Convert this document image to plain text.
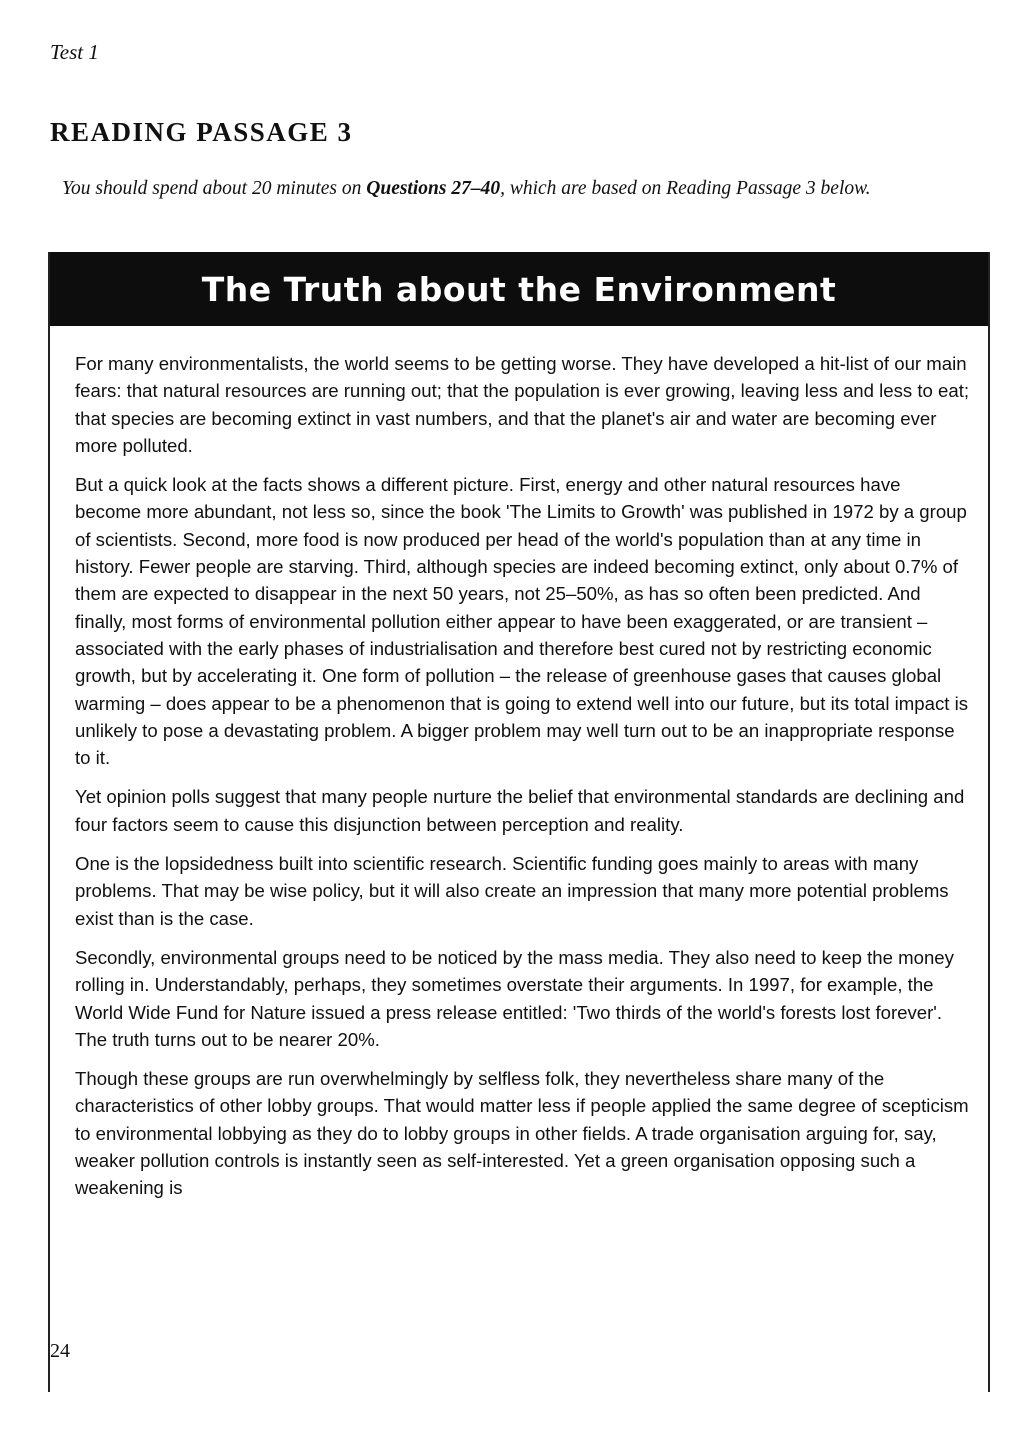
Test 1
READING PASSAGE 3

You should spend about 20 minutes on Questions 27–40, which are based on Reading Passage 3 below.

The Truth about the Environment

For many environmentalists, the world seems to be getting worse. They have developed a hit-list of our main fears: that natural resources are running out; that the population is ever growing, leaving less and less to eat; that species are becoming extinct in vast numbers, and that the planet's air and water are becoming ever more polluted.

But a quick look at the facts shows a different picture. First, energy and other natural resources have become more abundant, not less so, since the book 'The Limits to Growth' was published in 1972 by a group of scientists. Second, more food is now produced per head of the world's population than at any time in history. Fewer people are starving. Third, although species are indeed becoming extinct, only about 0.7% of them are expected to disappear in the next 50 years, not 25–50%, as has so often been predicted. And finally, most forms of environmental pollution either appear to have been exaggerated, or are transient – associated with the early phases of industrialisation and therefore best cured not by restricting economic growth, but by accelerating it. One form of pollution – the release of greenhouse gases that causes global warming – does appear to be a phenomenon that is going to extend well into our future, but its total impact is unlikely to pose a devastating problem. A bigger problem may well turn out to be an inappropriate response to it.

Yet opinion polls suggest that many people nurture the belief that environmental standards are declining and four factors seem to cause this disjunction between perception and reality.

One is the lopsidedness built into scientific research. Scientific funding goes mainly to areas with many problems. That may be wise policy, but it will also create an impression that many more potential problems exist than is the case.

Secondly, environmental groups need to be noticed by the mass media. They also need to keep the money rolling in. Understandably, perhaps, they sometimes overstate their arguments. In 1997, for example, the World Wide Fund for Nature issued a press release entitled: 'Two thirds of the world's forests lost forever'. The truth turns out to be nearer 20%.

Though these groups are run overwhelmingly by selfless folk, they nevertheless share many of the characteristics of other lobby groups. That would matter less if people applied the same degree of scepticism to environmental lobbying as they do to lobby groups in other fields. A trade organisation arguing for, say, weaker pollution controls is instantly seen as self-interested. Yet a green organisation opposing such a weakening is

24
